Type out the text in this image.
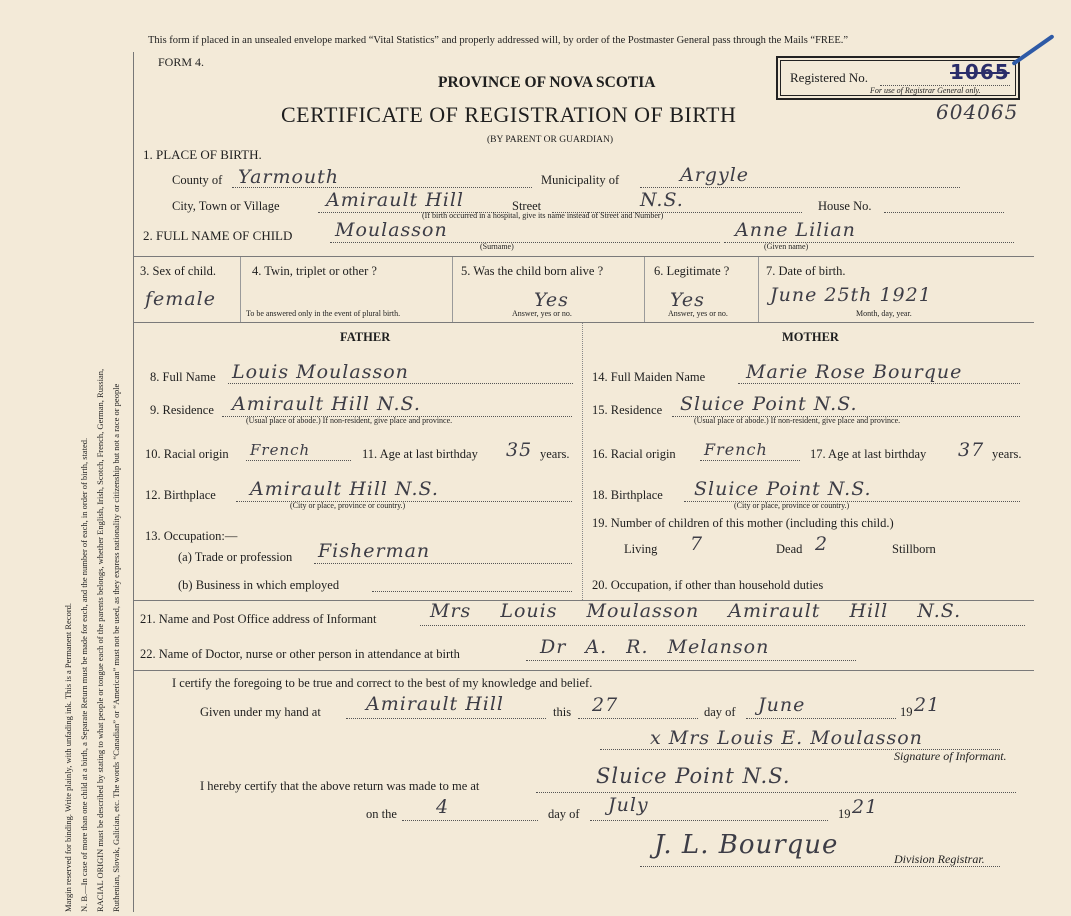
Margin reserved for binding. Write plainly, with unfading ink. This is a Permanent Record. N. B.—In case of more than one child at a birth, a Separate Return must be made for each, and the number of each, in order of birth, stated. RACIAL ORIGIN must be described by stating to what people or tongue each of the parents belongs, whether English, Irish, Scotch, French, German, Russian, Ruthenian, Slovak, Galician, etc. The words “Canadian” or “American” must not be used, as they express nationality or citizenship but not a race or people
This form if placed in an unsealed envelope marked “Vital Statistics” and properly addressed will, by order of the Postmaster General pass through the Mails “FREE.”
FORM 4.
PROVINCE OF NOVA SCOTIA
CERTIFICATE OF REGISTRATION OF BIRTH
(BY PARENT OR GUARDIAN)
Registered No.	1065
For use of Registrar General only.
604065
1. PLACE OF BIRTH.
County of Yarmouth	Municipality of	Argyle
City, Town or Village Amirault Hill	Street	N.S.	House No.
(If birth occurred in a hospital, give its name instead of Street and Number)
2. FULL NAME OF CHILD Moulasson
(Surname)
Anne Lilian
(Given name)
3. Sex of child.
female
4. Twin, triplet or other ?
To be answered only in the event of plural birth.
5. Was the child born alive ?
Yes
Answer, yes or no.
6. Legitimate ?
Yes
Answer, yes or no.
7. Date of birth.
June 25th 1921
Month, day, year.
FATHER
8. Full Name Louis Moulasson
9. Residence Amirault Hill N.S.
(Usual place of abode.) If non-resident, give place and province.
10. Racial origin French	11. Age at last birthday 35 years.
12. Birthplace Amirault Hill N.S.
(City or place, province or country.)
13. Occupation:—
(a) Trade or profession Fisherman
(b) Business in which employed
MOTHER
14. Full Maiden Name Marie Rose Bourque
15. Residence Sluice Point N.S.
(Usual place of abode.) If non-resident, give place and province.
16. Racial origin French	17. Age at last birthday 37 years.
18. Birthplace Sluice Point N.S.
(City or place, province or country.)
19. Number of children of this mother (including this child.)
Living 7	Dead 2	Stillborn
20. Occupation, if other than household duties
21. Name and Post Office address of Informant	Mrs Louis Moulasson Amirault Hill N.S.
22. Name of Doctor, nurse or other person in attendance at birth	Dr A. R. Melanson
I certify the foregoing to be true and correct to the best of my knowledge and belief.
Given under my hand at Amirault Hill	this 27	day of June	19 21
x Mrs Louis E. Moulasson
Signature of Informant.
I hereby certify that the above return was made to me at	Sluice Point N.S.
on the 4	day of July	19 21
J. L. Bourque	Division Registrar.
